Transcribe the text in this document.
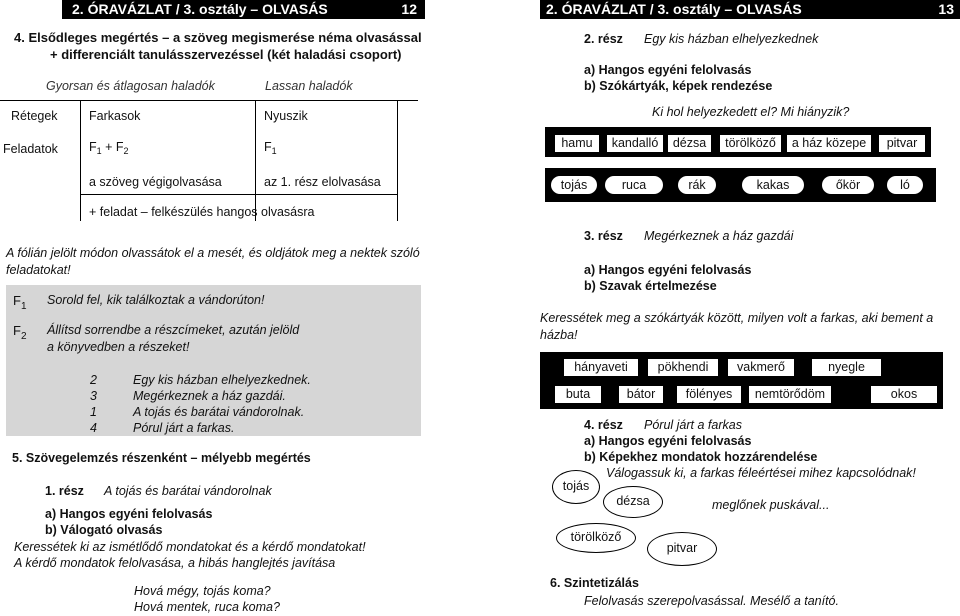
2. ÓRAVÁZLAT / 3. osztály – OLVASÁS	12
4. Elsődleges megértés – a szöveg megismerése néma olvasással
+ differenciált tanulásszervezéssel (két haladási csoport)
Gyorsan és átlagosan haladók	Lassan haladók
Rétegek	Farkasok	Nyuszik
Feladatok $F_1 + F_2$	$F_1$
a szöveg végigolvasása	az 1. rész elolvasása
+ feladat – felkészülés hangos olvasásra
A fólián jelölt módon olvassátok el a mesét, és oldjátok meg a nektek szóló feladatokat!
$F_1$ Sorold fel, kik találkoztak a vándorúton!
$F_2$ Állítsd sorrendbe a részcímeket, azután jelöld
a könyvedben a részeket!
2	Egy kis házban elhelyezkednek.
3	Megérkeznek a ház gazdái.
1	A tojás és barátai vándorolnak.
4	Pórul járt a farkas.
5. Szövegelemzés részenként – mélyebb megértés
1. rész A tojás és barátai vándorolnak
a) Hangos egyéni felolvasás
b) Válogató olvasás
Keressétek ki az ismétlődő mondatokat és a kérdő mondatokat!
A kérdő mondatok felolvasása, a hibás hanglejtés javítása
Hová mégy, tojás koma?
Hová mentek, ruca koma?
2. ÓRAVÁZLAT / 3. osztály – OLVASÁS	13
2. rész Egy kis házban elhelyezkednek
a) Hangos egyéni felolvasás
b) Szókártyák, képek rendezése
Ki hol helyezkedett el? Mi hiányzik?
hamu	kandalló	dézsa	törölköző	a ház közepe	pitvar
tojás	ruca	rák	kakas	őkör	ló
3. rész Megérkeznek a ház gazdái
a) Hangos egyéni felolvasás
b) Szavak értelmezése
Keressétek meg a szókártyák között, milyen volt a farkas, aki bement a házba!
hányaveti	pökhendi	vakmerő	nyegle
buta	bátor	fölényes	nemtörődöm	okos
4. rész Pórul járt a farkas
a) Hangos egyéni felolvasás
b) Képekhez mondatok hozzárendelése
Válogassuk ki, a farkas féleértései mihez kapcsolódnak!
tojás
dézsa	meglőnek puskával...
törölköző
pitvar
6. Szintetizálás
Felolvasás szerepolvasással. Mesélő a tanító.
